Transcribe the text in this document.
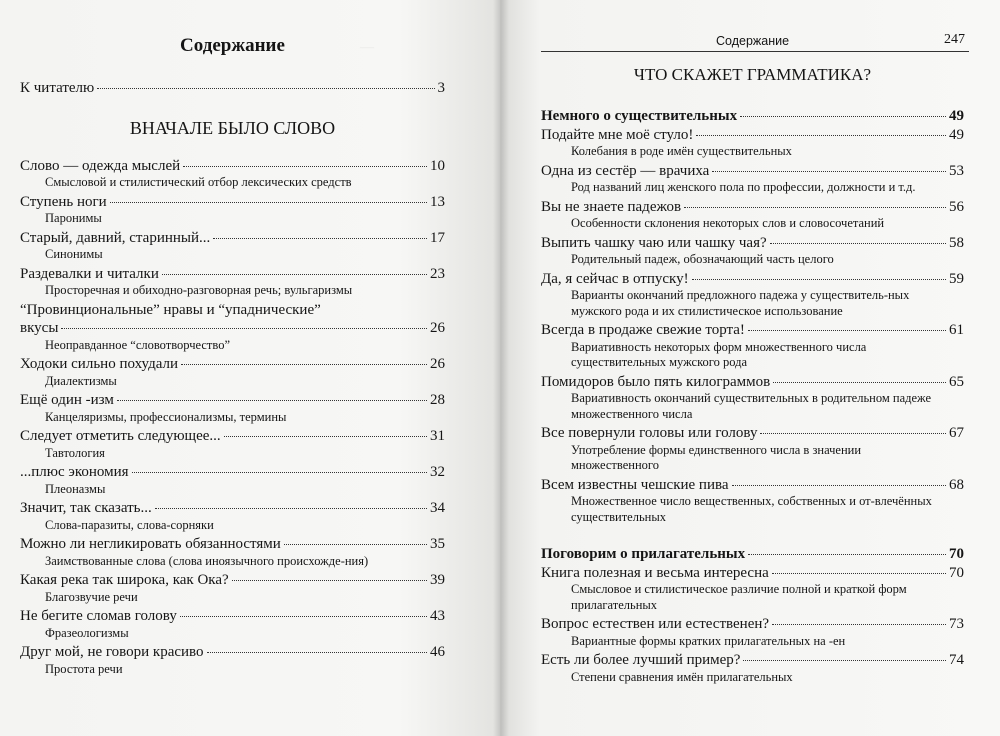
—
Содержание
К читателю	3
ВНАЧАЛЕ БЫЛО СЛОВО
Слово — одежда мыслей	10
Смысловой и стилистический отбор лексических средств
Ступень ноги	13
Паронимы
Старый, давний, старинный...	17
Синонимы
Раздевалки и читалки	23
Просторечная и обиходно-разговорная речь; вульгаризмы
“Провинциональные” нравы и “упаднические”
вкусы	26
Неоправданное “словотворчество”
Ходоки сильно похудали	26
Диалектизмы
Ещё один -изм	28
Канцеляризмы, профессионализмы, термины
Следует отметить следующее...	31
Тавтология
...плюс экономия	32
Плеоназмы
Значит, так сказать...	34
Слова-паразиты, слова-сорняки
Можно ли негликировать обязанностями	35
Заимствованные слова (слова иноязычного происхожде-ния)
Какая река так широка, как Ока?	39
Благозвучие речи
Не бегите сломав голову	43
Фразеологизмы
Друг мой, не говори красиво	46
Простота речи
Содержание	247
ЧТО СКАЖЕТ ГРАММАТИКА?
Немного о существительных	49
Подайте мне моё стуло!	49
Колебания в роде имён существительных
Одна из сестёр — врачиха	53
Род названий лиц женского пола по профессии, должности и т.д.
Вы не знаете падежов	56
Особенности склонения некоторых слов и словосочетаний
Выпить чашку чаю или чашку чая?	58
Родительный падеж, обозначающий часть целого
Да, я сейчас в отпуску!	59
Варианты окончаний предложного падежа у существитель-ных мужского рода и их стилистическое использование
Всегда в продаже свежие торта!	61
Вариативность некоторых форм множественного числа существительных мужского рода
Помидоров было пять килограммов	65
Вариативность окончаний существительных в родительном падеже множественного числа
Все повернули головы или голову	67
Употребление формы единственного числа в значении множественного
Всем известны чешские пива	68
Множественное число вещественных, собственных и от-влечённых существительных
Поговорим о прилагательных	70
Книга полезная и весьма интересна	70
Смысловое и стилистическое различие полной и краткой форм прилагательных
Вопрос естествен или естественен?	73
Вариантные формы кратких прилагательных на -ен
Есть ли более лучший пример?	74
Степени сравнения имён прилагательных
